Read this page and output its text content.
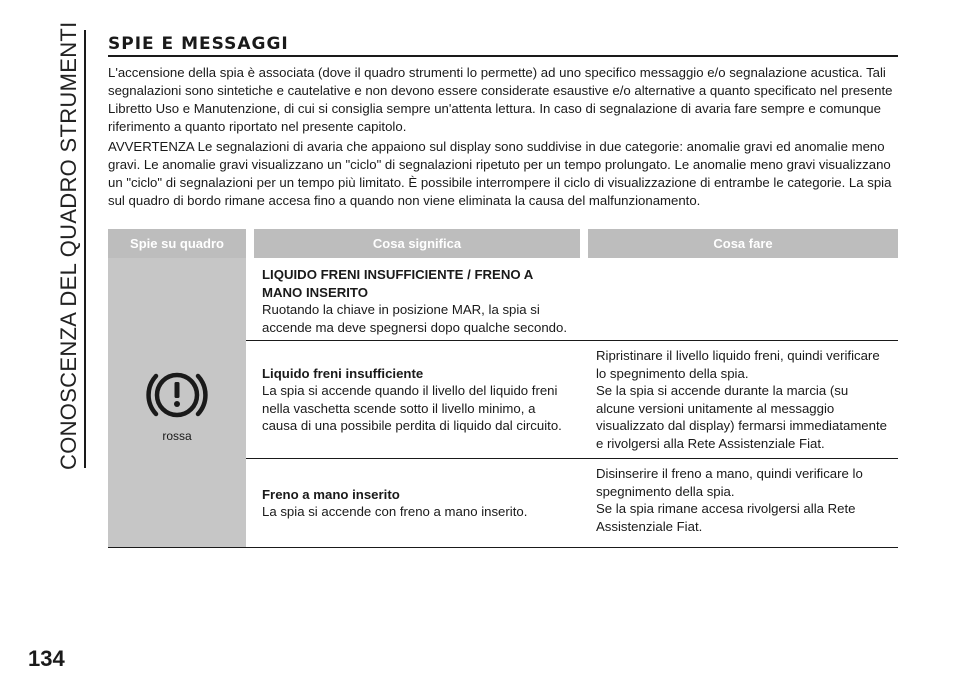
CONOSCENZA DEL QUADRO STRUMENTI
134
SPIE E MESSAGGI

L'accensione della spia è associata (dove il quadro strumenti lo permette) ad uno specifico messaggio e/o segnalazione acustica. Tali segnalazioni sono sintetiche e cautelative e non devono essere considerate esaustive e/o alternative a quanto specificato nel presente Libretto Uso e Manutenzione, di cui si consiglia sempre un'attenta lettura. In caso di segnalazione di avaria fare sempre e comunque riferimento a quanto riportato nel presente capitolo.

AVVERTENZA Le segnalazioni di avaria che appaiono sul display sono suddivise in due categorie: anomalie gravi ed anomalie meno gravi. Le anomalie gravi visualizzano un "ciclo" di segnalazioni ripetuto per un tempo prolungato. Le anomalie meno gravi visualizzano un "ciclo" di segnalazioni per un tempo più limitato. È possibile interrompere il ciclo di visualizzazione di entrambe le categorie. La spia sul quadro di bordo rimane accesa fino a quando non viene eliminata la causa del malfunzionamento.

Spie su quadro		Cosa significa		Cosa fare

rossa		LIQUIDO FRENI INSUFFICIENTE / FRENO A MANO INSERITO
Ruotando la chiave in posizione MAR, la spia si accende ma deve spegnersi dopo qualche secondo.		

		Liquido freni insufficiente
La spia si accende quando il livello del liquido freni nella vaschetta scende sotto il livello minimo, a causa di una possibile perdita di liquido dal circuito.		Ripristinare il livello liquido freni, quindi verificare lo spegnimento della spia.
Se la spia si accende durante la marcia (su alcune versioni unitamente al messaggio visualizzato dal display) fermarsi immediatamente e rivolgersi alla Rete Assistenziale Fiat.

		Freno a mano inserito
La spia si accende con freno a mano inserito.		Disinserire il freno a mano, quindi verificare lo spegnimento della spia.
Se la spia rimane accesa rivolgersi alla Rete Assistenziale Fiat.
